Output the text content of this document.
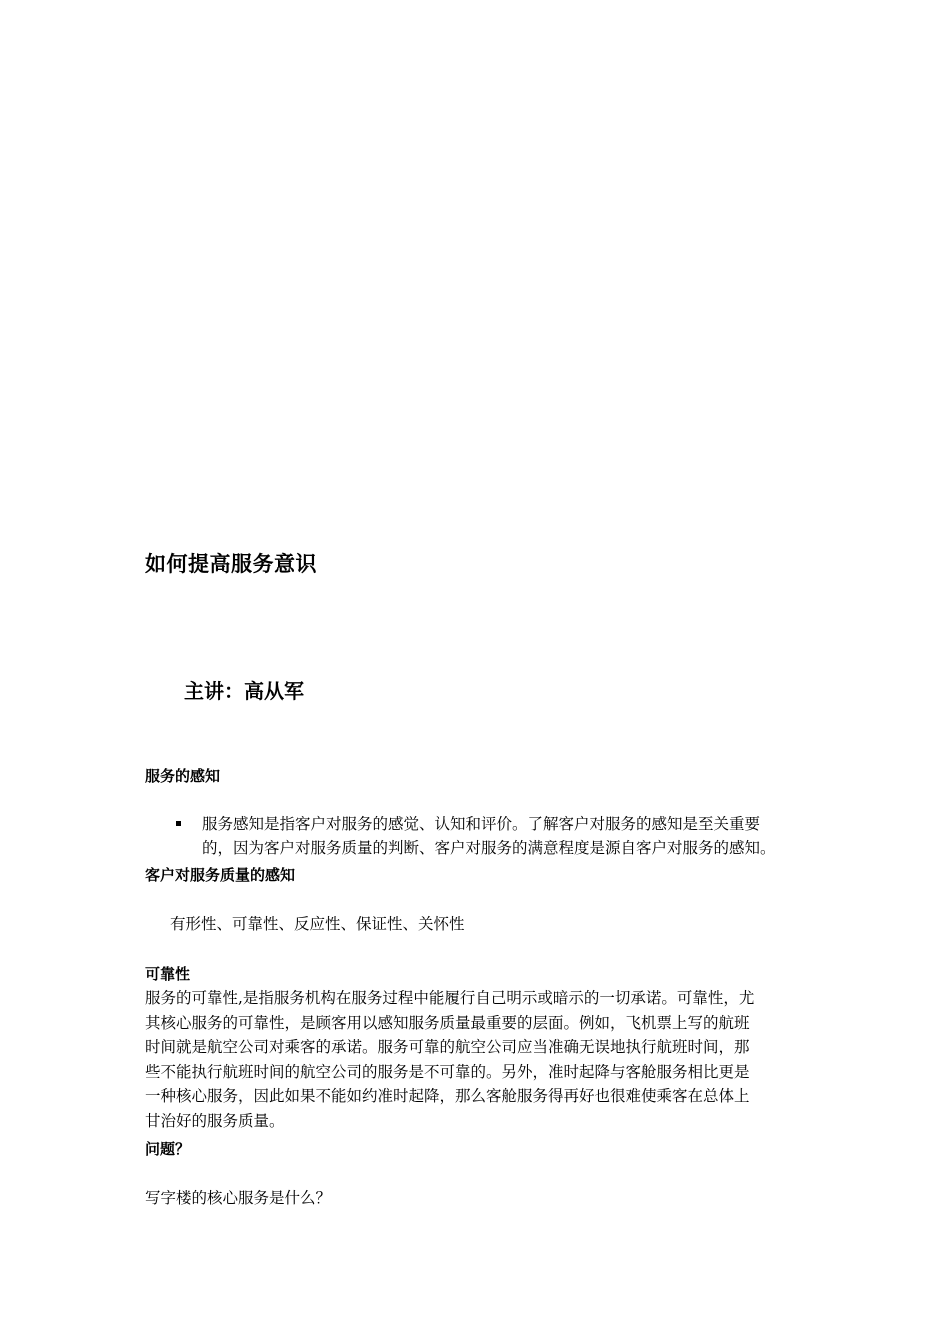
如何提高服务意识
主讲：高从军
服务的感知
服务感知是指客户对服务的感觉、认知和评价。了解客户对服务的感知是至关重要
的，因为客户对服务质量的判断、客户对服务的满意程度是源自客户对服务的感知。
客户对服务质量的感知
有形性、可靠性、反应性、保证性、关怀性
可靠性
服务的可靠性,是指服务机构在服务过程中能履行自己明示或暗示的一切承诺。可靠性，尤
其核心服务的可靠性，是顾客用以感知服务质量最重要的层面。例如，飞机票上写的航班
时间就是航空公司对乘客的承诺。服务可靠的航空公司应当准确无误地执行航班时间，那
些不能执行航班时间的航空公司的服务是不可靠的。另外，准时起降与客舱服务相比更是
一种核心服务，因此如果不能如约准时起降，那么客舱服务得再好也很难使乘客在总体上
甘治好的服务质量。
问题？
写字楼的核心服务是什么？
